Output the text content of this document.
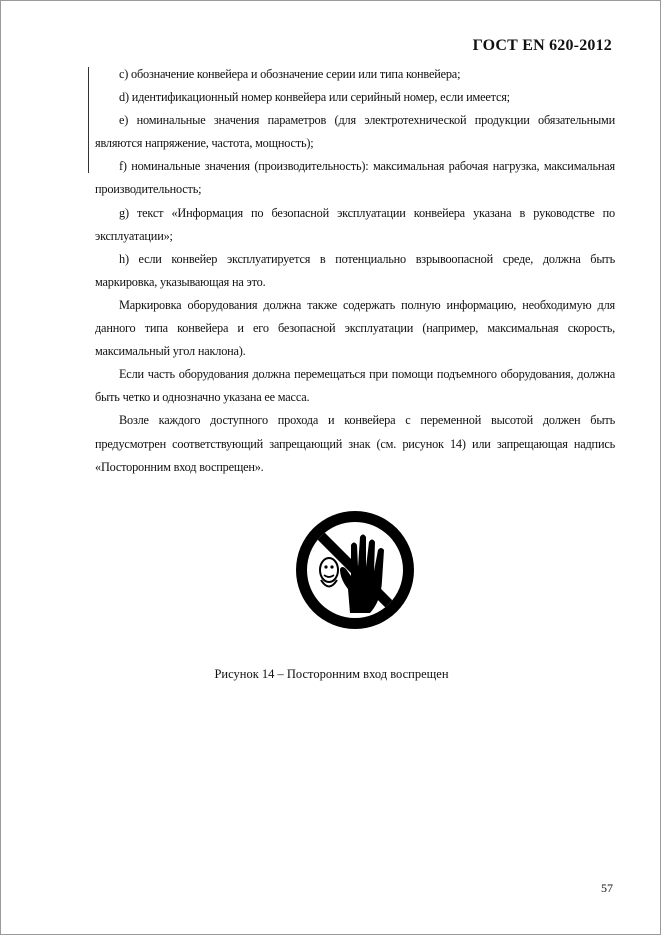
ГОСТ EN 620-2012

c) обозначение конвейера и обозначение серии или типа конвейера;

d) идентификационный номер конвейера или серийный номер, если имеется;

e) номинальные значения параметров (для электротехнической продукции обязательными являются напряжение, частота, мощность);

f) номинальные значения (производительность): максимальная рабочая нагрузка, максимальная производительность;

g) текст «Информация по безопасной эксплуатации конвейера указана в руководстве по эксплуатации»;

h) если конвейер эксплуатируется в потенциально взрывоопасной среде, должна быть маркировка, указывающая на это.

Маркировка оборудования должна также содержать полную информацию, необходимую для данного типа конвейера и его безопасной эксплуатации (например, максимальная скорость, максимальный угол наклона).

Если часть оборудования должна перемещаться при помощи подъемного оборудования, должна быть четко и однозначно указана ее масса.

Возле каждого доступного прохода и конвейера с переменной высотой должен быть предусмотрен соответствующий запрещающий знак (см. рисунок 14) или запрещающая надпись «Посторонним вход воспрещен».

Рисунок 14 – Посторонним вход воспрещен
57
